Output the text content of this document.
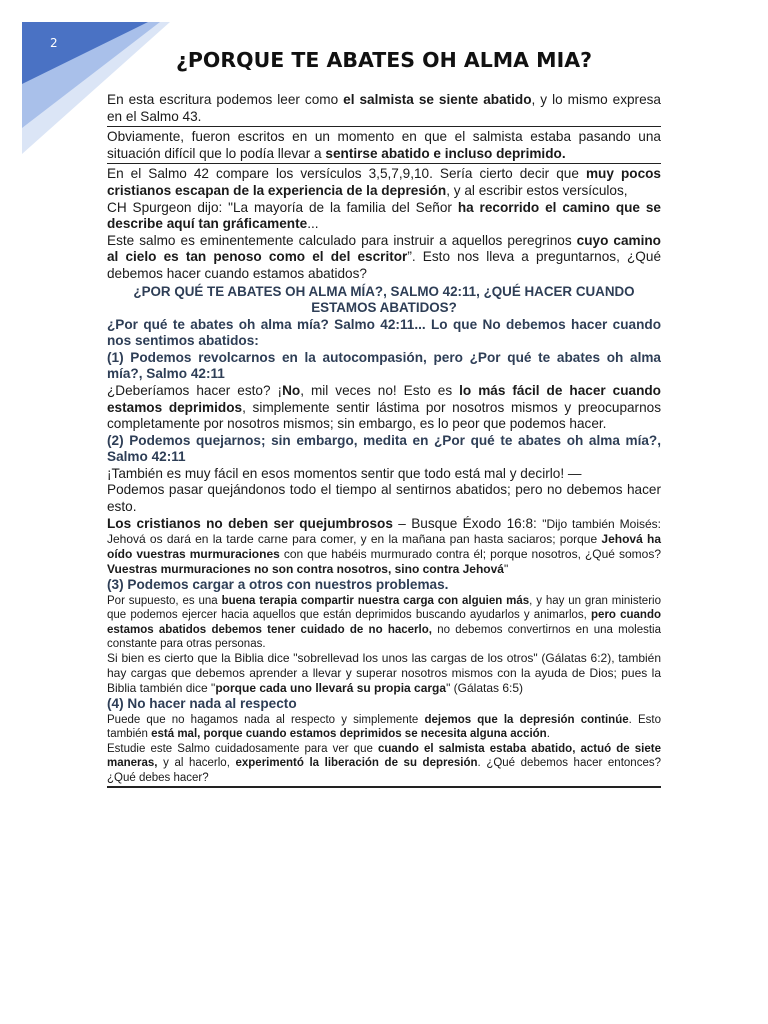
2
¿PORQUE TE ABATES OH ALMA MIA?

En esta escritura podemos leer como el salmista se siente abatido, y lo mismo expresa en el Salmo 43.

Obviamente, fueron escritos en un momento en que el salmista estaba pasando una situación difícil que lo podía llevar a sentirse abatido e incluso deprimido.

En el Salmo 42 compare los versículos 3,5,7,9,10. Sería cierto decir que muy pocos cristianos escapan de la experiencia de la depresión, y al escribir estos versículos,

CH Spurgeon dijo: "La mayoría de la familia del Señor ha recorrido el camino que se describe aquí tan gráficamente...

Este salmo es eminentemente calculado para instruir a aquellos peregrinos cuyo camino al cielo es tan penoso como el del escritor”. Esto nos lleva a preguntarnos, ¿Qué debemos hacer cuando estamos abatidos?

¿POR QUÉ TE ABATES OH ALMA MÍA?, SALMO 42:11, ¿QUÉ HACER CUANDO ESTAMOS ABATIDOS?

¿Por qué te abates oh alma mía? Salmo 42:11... Lo que No debemos hacer cuando nos sentimos abatidos:

(1) Podemos revolcarnos en la autocompasión, pero ¿Por qué te abates oh alma mía?, Salmo 42:11

¿Deberíamos hacer esto? ¡No, mil veces no! Esto es lo más fácil de hacer cuando estamos deprimidos, simplemente sentir lástima por nosotros mismos y preocuparnos completamente por nosotros mismos; sin embargo, es lo peor que podemos hacer.

(2) Podemos quejarnos; sin embargo, medita en ¿Por qué te abates oh alma mía?, Salmo 42:11

¡También es muy fácil en esos momentos sentir que todo está mal y decirlo! —

Podemos pasar quejándonos todo el tiempo al sentirnos abatidos; pero no debemos hacer esto.

Los cristianos no deben ser quejumbrosos – Busque Éxodo 16:8: "Dijo también Moisés: Jehová os dará en la tarde carne para comer, y en la mañana pan hasta saciaros; porque Jehová ha oído vuestras murmuraciones con que habéis murmurado contra él; porque nosotros, ¿Qué somos? Vuestras murmuraciones no son contra nosotros, sino contra Jehová"

(3) Podemos cargar a otros con nuestros problemas.

Por supuesto, es una buena terapia compartir nuestra carga con alguien más, y hay un gran ministerio que podemos ejercer hacia aquellos que están deprimidos buscando ayudarlos y animarlos, pero cuando estamos abatidos debemos tener cuidado de no hacerlo, no debemos convertirnos en una molestia constante para otras personas.

Si bien es cierto que la Biblia dice "sobrellevad los unos las cargas de los otros" (Gálatas 6:2), también hay cargas que debemos aprender a llevar y superar nosotros mismos con la ayuda de Dios; pues la Biblia también dice "porque cada uno llevará su propia carga" (Gálatas 6:5)

(4) No hacer nada al respecto

Puede que no hagamos nada al respecto y simplemente dejemos que la depresión continúe. Esto también está mal, porque cuando estamos deprimidos se necesita alguna acción.

Estudie este Salmo cuidadosamente para ver que cuando el salmista estaba abatido, actuó de siete maneras, y al hacerlo, experimentó la liberación de su depresión. ¿Qué debemos hacer entonces? ¿Qué debes hacer?
